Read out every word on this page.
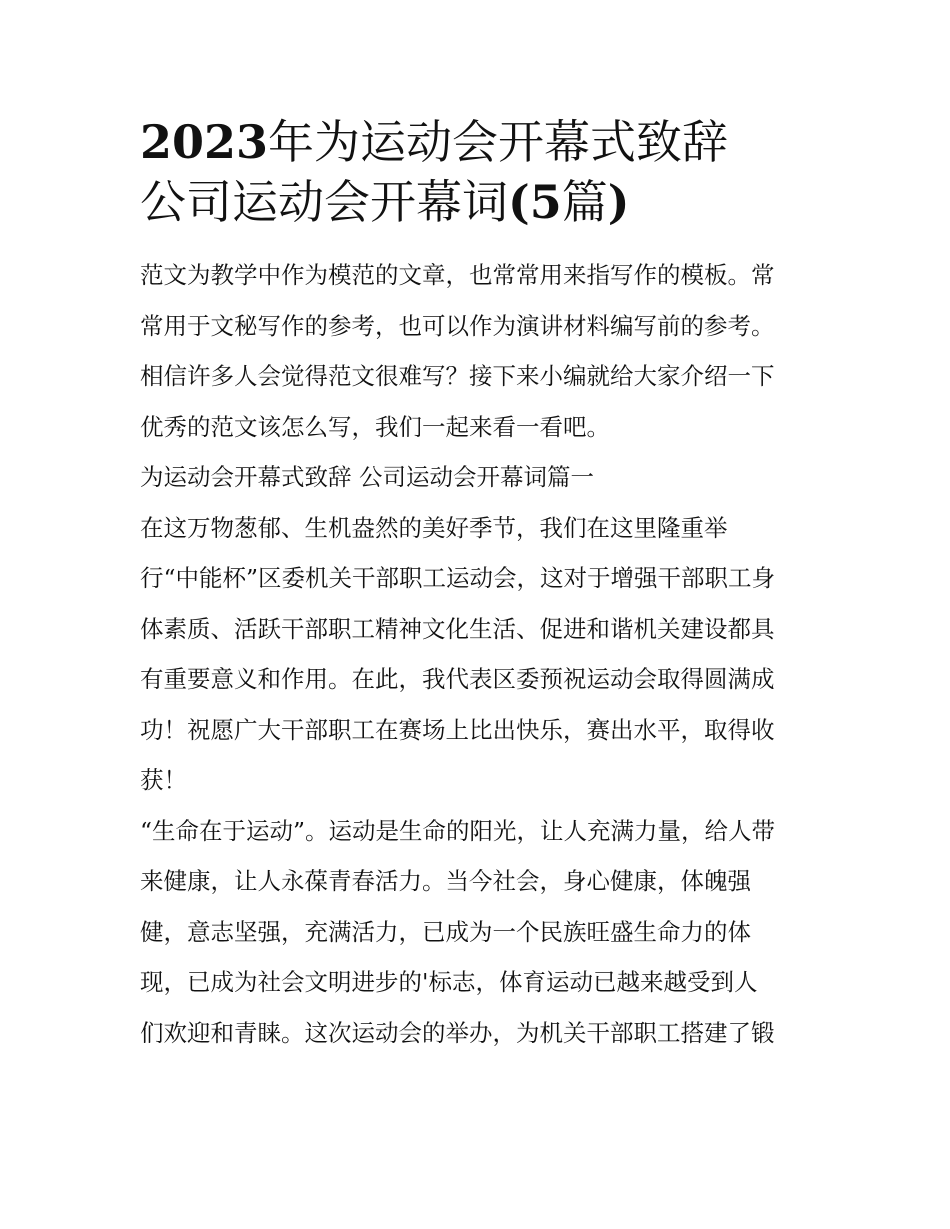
2023年为运动会开幕式致辞
公司运动会开幕词(5篇)

范文为教学中作为模范的文章，也常常用来指写作的模板。常
常用于文秘写作的参考，也可以作为演讲材料编写前的参考。
相信许多人会觉得范文很难写？接下来小编就给大家介绍一下
优秀的范文该怎么写，我们一起来看一看吧。

为运动会开幕式致辞 公司运动会开幕词篇一

在这万物葱郁、生机盎然的美好季节，我们在这里隆重举
行“中能杯”区委机关干部职工运动会，这对于增强干部职工身
体素质、活跃干部职工精神文化生活、促进和谐机关建设都具
有重要意义和作用。在此，我代表区委预祝运动会取得圆满成
功！祝愿广大干部职工在赛场上比出快乐，赛出水平，取得收
获！

“生命在于运动”。运动是生命的阳光，让人充满力量，给人带
来健康，让人永葆青春活力。当今社会，身心健康，体魄强
健，意志坚强，充满活力，已成为一个民族旺盛生命力的体
现，已成为社会文明进步的'标志，体育运动已越来越受到人
们欢迎和青睐。这次运动会的举办，为机关干部职工搭建了锻
